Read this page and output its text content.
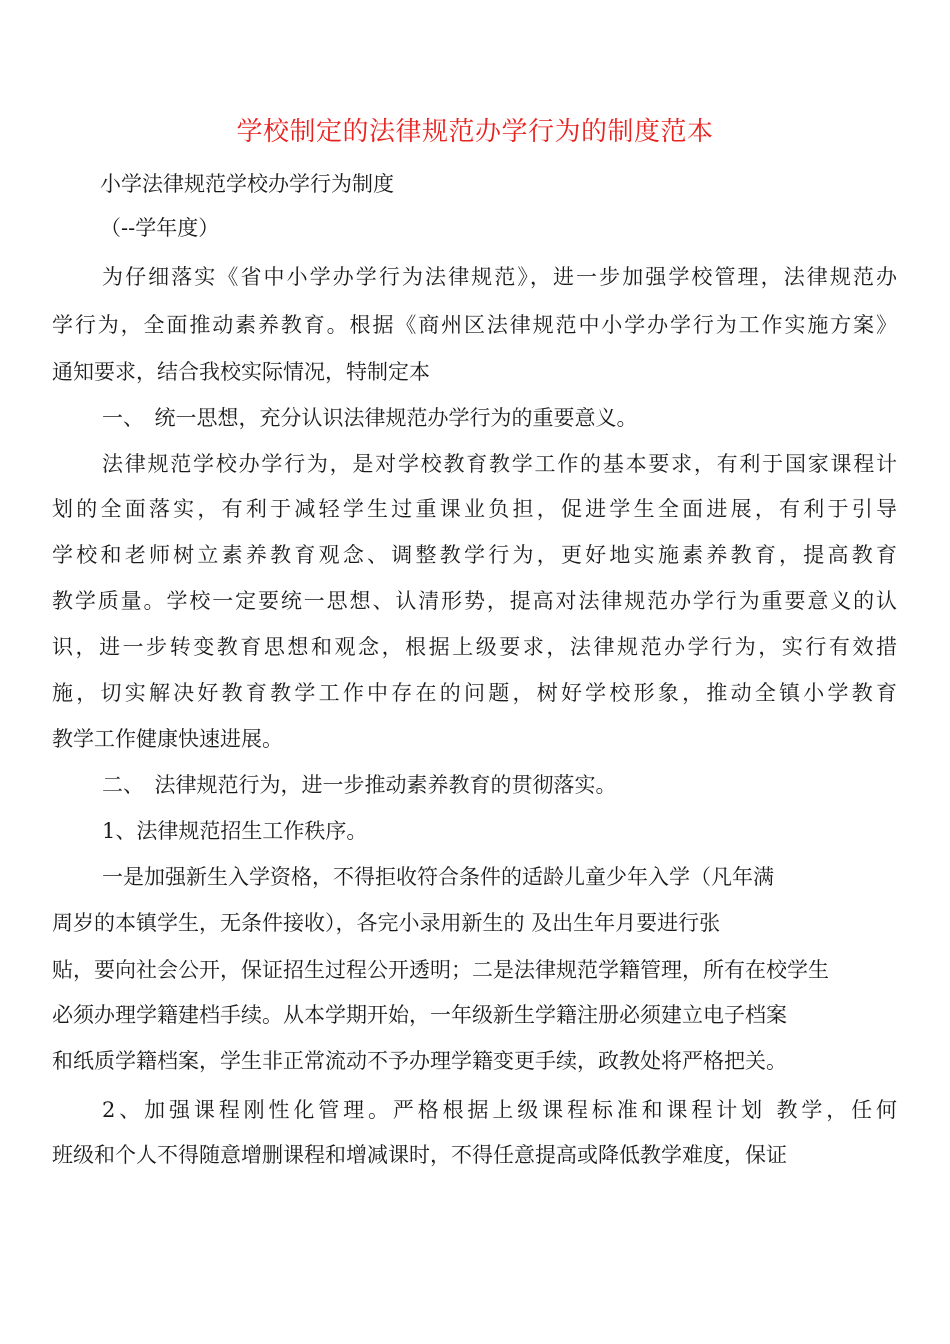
学校制定的法律规范办学行为的制度范本
小学法律规范学校办学行为制度
（--学年度）
为仔细落实《省中小学办学行为法律规范》，进一步加强学校管理，法律规范办
学行为，全面推动素养教育。根据《商州区法律规范中小学办学行为工作实施方案》
通知要求，结合我校实际情况，特制定本
一、　统一思想，充分认识法律规范办学行为的重要意义。
法律规范学校办学行为，是对学校教育教学工作的基本要求，有利于国家课程计
划的全面落实，有利于减轻学生过重课业负担，促进学生全面进展，有利于引导
学校和老师树立素养教育观念、调整教学行为，更好地实施素养教育，提高教育
教学质量。学校一定要统一思想、认清形势，提高对法律规范办学行为重要意义的认
识，进一步转变教育思想和观念，根据上级要求，法律规范办学行为，实行有效措
施，切实解决好教育教学工作中存在的问题，树好学校形象，推动全镇小学教育
教学工作健康快速进展。
二、　法律规范行为，进一步推动素养教育的贯彻落实。
1、法律规范招生工作秩序。
一是加强新生入学资格，不得拒收符合条件的适龄儿童少年入学（凡年满
周岁的本镇学生，无条件接收），各完小录用新生的 及出生年月要进行张
贴，要向社会公开，保证招生过程公开透明；二是法律规范学籍管理，所有在校学生
必须办理学籍建档手续。从本学期开始，一年级新生学籍注册必须建立电子档案
和纸质学籍档案，学生非正常流动不予办理学籍变更手续，政教处将严格把关。
2、加强课程刚性化管理。严格根据上级课程标准和课程计划 教学，任何
班级和个人不得随意增删课程和增减课时，不得任意提高或降低教学难度，保证
